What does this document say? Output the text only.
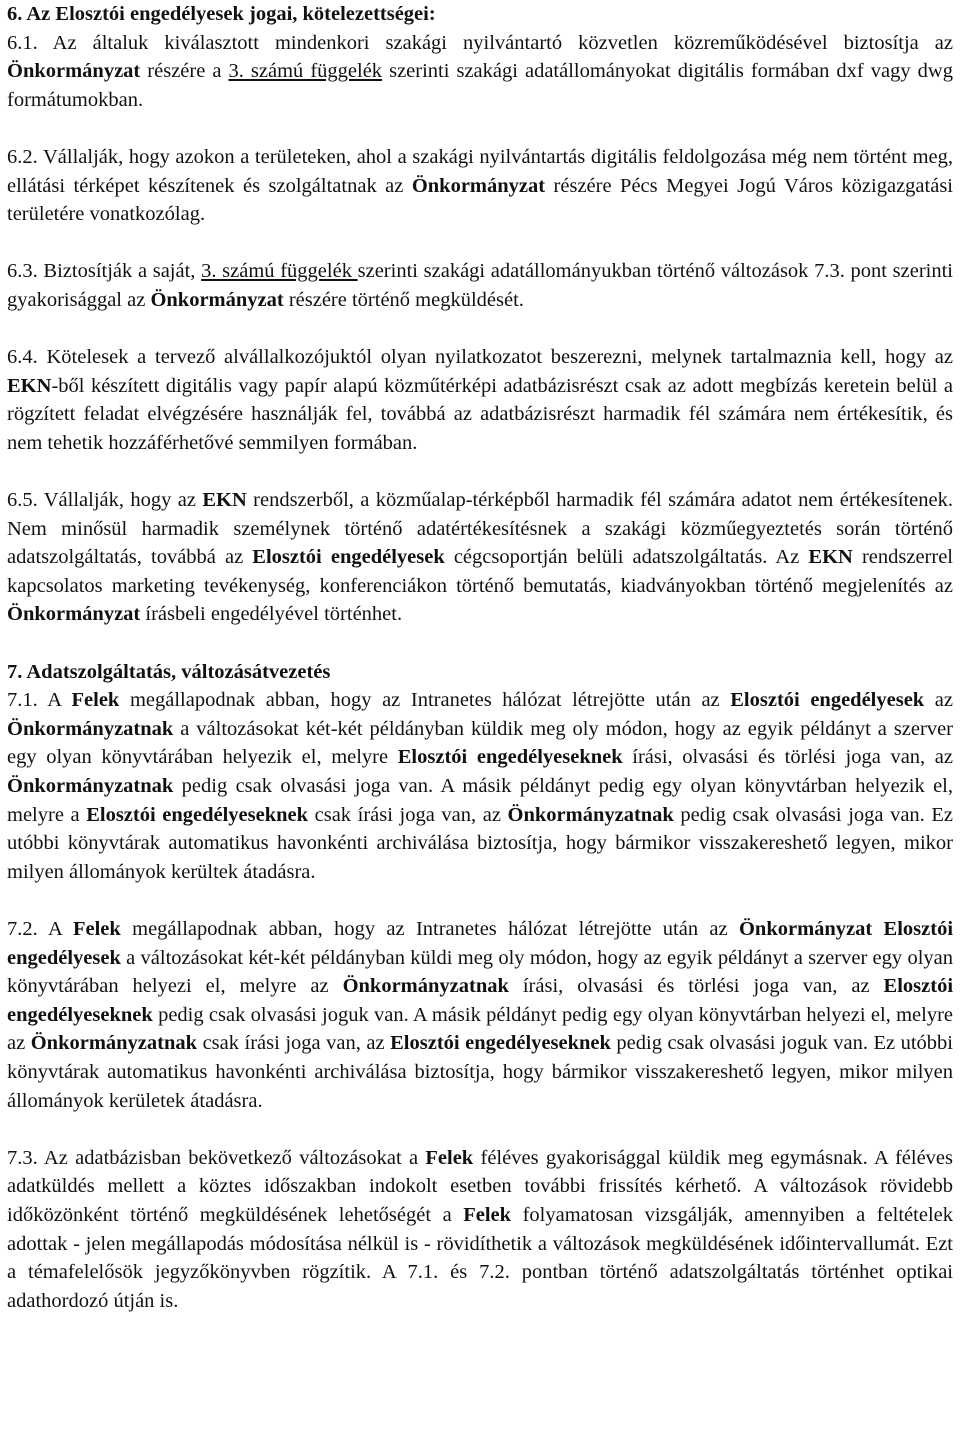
6. Az Elosztói engedélyesek jogai, kötelezettségei:

6.1. Az általuk kiválasztott mindenkori szakági nyilvántartó közvetlen közreműködésével biztosítja az Önkormányzat részére a 3. számú függelék szerinti szakági adatállományokat digitális formában dxf vagy dwg formátumokban.

6.2. Vállalják, hogy azokon a területeken, ahol a szakági nyilvántartás digitális feldolgozása még nem történt meg, ellátási térképet készítenek és szolgáltatnak az Önkormányzat részére Pécs Megyei Jogú Város közigazgatási területére vonatkozólag.

6.3. Biztosítják a saját, 3. számú függelék szerinti szakági adatállományukban történő változások 7.3. pont szerinti gyakorisággal az Önkormányzat részére történő megküldését.

6.4. Kötelesek a tervező alvállalkozójuktól olyan nyilatkozatot beszerezni, melynek tartalmaznia kell, hogy az EKN-ből készített digitális vagy papír alapú közműtérképi adatbázisrészt csak az adott megbízás keretein belül a rögzített feladat elvégzésére használják fel, továbbá az adatbázisrészt harmadik fél számára nem értékesítik, és nem tehetik hozzáférhetővé semmilyen formában.

6.5. Vállalják, hogy az EKN rendszerből, a közműalap-térképből harmadik fél számára adatot nem értékesítenek. Nem minősül harmadik személynek történő adatértékesítésnek a szakági közműegyeztetés során történő adatszolgáltatás, továbbá az Elosztói engedélyesek cégcsoportján belüli adatszolgáltatás. Az EKN rendszerrel kapcsolatos marketing tevékenység, konferenciákon történő bemutatás, kiadványokban történő megjelenítés az Önkormányzat írásbeli engedélyével történhet.

7. Adatszolgáltatás, változásátvezetés

7.1. A Felek megállapodnak abban, hogy az Intranetes hálózat létrejötte után az Elosztói engedélyesek az Önkormányzatnak a változásokat két-két példányban küldik meg oly módon, hogy az egyik példányt a szerver egy olyan könyvtárában helyezik el, melyre Elosztói engedélyeseknek írási, olvasási és törlési joga van, az Önkormányzatnak pedig csak olvasási joga van. A másik példányt pedig egy olyan könyvtárban helyezik el, melyre a Elosztói engedélyeseknek csak írási joga van, az Önkormányzatnak pedig csak olvasási joga van. Ez utóbbi könyvtárak automatikus havonkénti archiválása biztosítja, hogy bármikor visszakereshető legyen, mikor milyen állományok kerültek átadásra.

7.2. A Felek megállapodnak abban, hogy az Intranetes hálózat létrejötte után az Önkormányzat Elosztói engedélyesek a változásokat két-két példányban küldi meg oly módon, hogy az egyik példányt a szerver egy olyan könyvtárában helyezi el, melyre az Önkormányzatnak írási, olvasási és törlési joga van, az Elosztói engedélyeseknek pedig csak olvasási joguk van. A másik példányt pedig egy olyan könyvtárban helyezi el, melyre az Önkormányzatnak csak írási joga van, az Elosztói engedélyeseknek pedig csak olvasási joguk van. Ez utóbbi könyvtárak automatikus havonkénti archiválása biztosítja, hogy bármikor visszakereshető legyen, mikor milyen állományok kerületek átadásra.

7.3. Az adatbázisban bekövetkező változásokat a Felek féléves gyakorisággal küldik meg egymásnak. A féléves adatküldés mellett a köztes időszakban indokolt esetben további frissítés kérhető. A változások rövidebb időközönként történő megküldésének lehetőségét a Felek folyamatosan vizsgálják, amennyiben a feltételek adottak - jelen megállapodás módosítása nélkül is - rövidíthetik a változások megküldésének időintervallumát. Ezt a témafelelősök jegyzőkönyvben rögzítik. A 7.1. és 7.2. pontban történő adatszolgáltatás történhet optikai adathordozó útján is.
